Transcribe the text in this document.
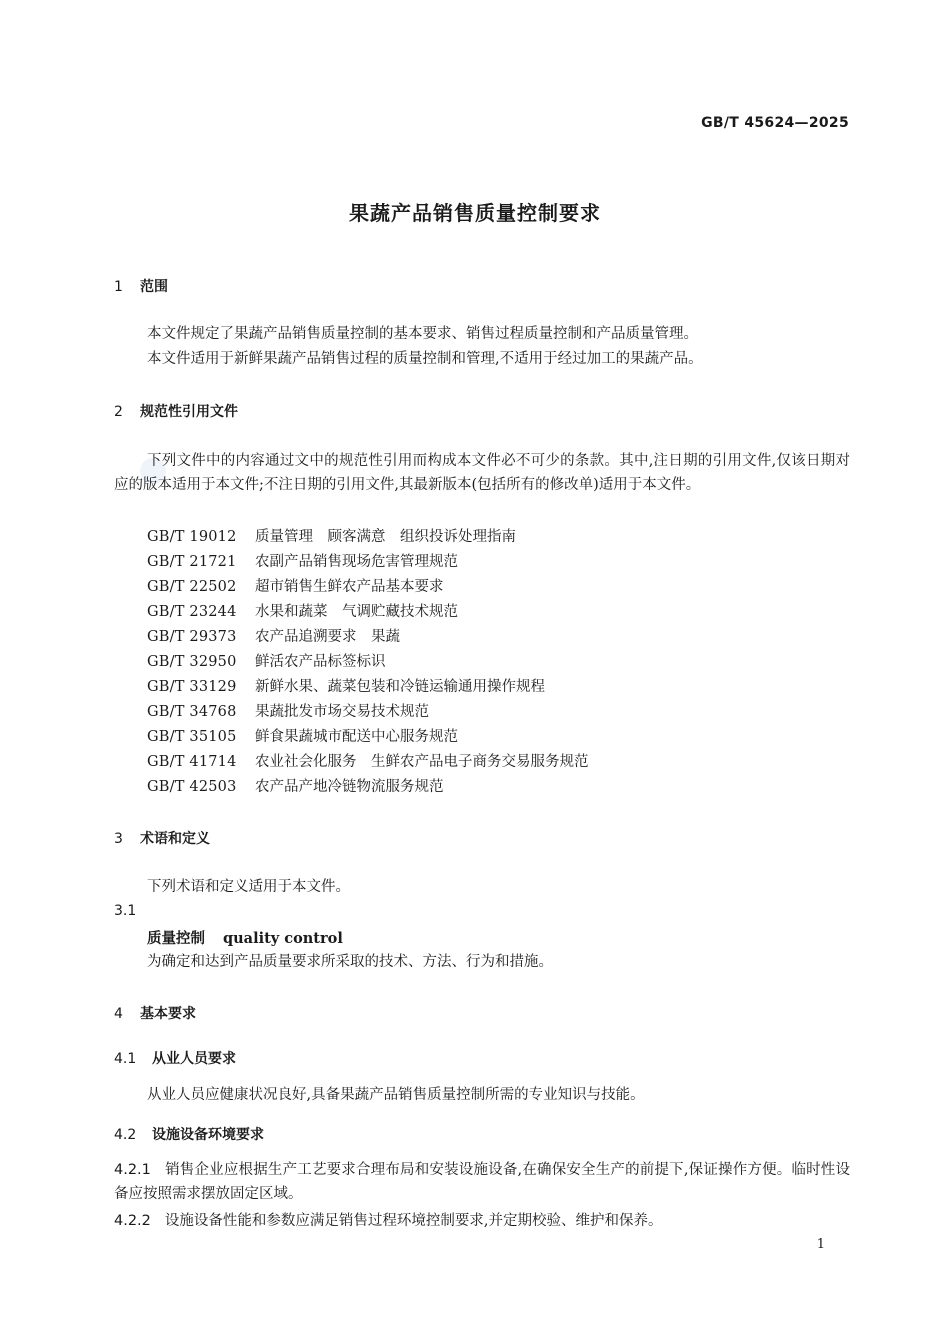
GB/T 45624—2025
果蔬产品销售质量控制要求
1 范围
本文件规定了果蔬产品销售质量控制的基本要求、销售过程质量控制和产品质量管理。
本文件适用于新鲜果蔬产品销售过程的质量控制和管理,不适用于经过加工的果蔬产品。
2 规范性引用文件
下列文件中的内容通过文中的规范性引用而构成本文件必不可少的条款。其中,注日期的引用文件,仅该日期对应的版本适用于本文件;不注日期的引用文件,其最新版本(包括所有的修改单)适用于本文件。
GB/T 19012 质量管理　顾客满意　组织投诉处理指南
GB/T 21721 农副产品销售现场危害管理规范
GB/T 22502 超市销售生鲜农产品基本要求
GB/T 23244 水果和蔬菜　气调贮藏技术规范
GB/T 29373 农产品追溯要求　果蔬
GB/T 32950 鲜活农产品标签标识
GB/T 33129 新鲜水果、蔬菜包装和冷链运输通用操作规程
GB/T 34768 果蔬批发市场交易技术规范
GB/T 35105 鲜食果蔬城市配送中心服务规范
GB/T 41714 农业社会化服务　生鲜农产品电子商务交易服务规范
GB/T 42503 农产品产地冷链物流服务规范
3 术语和定义
下列术语和定义适用于本文件。
3.1
质量控制 quality control
为确定和达到产品质量要求所采取的技术、方法、行为和措施。
4 基本要求
4.1 从业人员要求
从业人员应健康状况良好,具备果蔬产品销售质量控制所需的专业知识与技能。
4.2 设施设备环境要求
4.2.1 销售企业应根据生产工艺要求合理布局和安装设施设备,在确保安全生产的前提下,保证操作方便。临时性设备应按照需求摆放固定区域。
4.2.2 设施设备性能和参数应满足销售过程环境控制要求,并定期校验、维护和保养。
1
